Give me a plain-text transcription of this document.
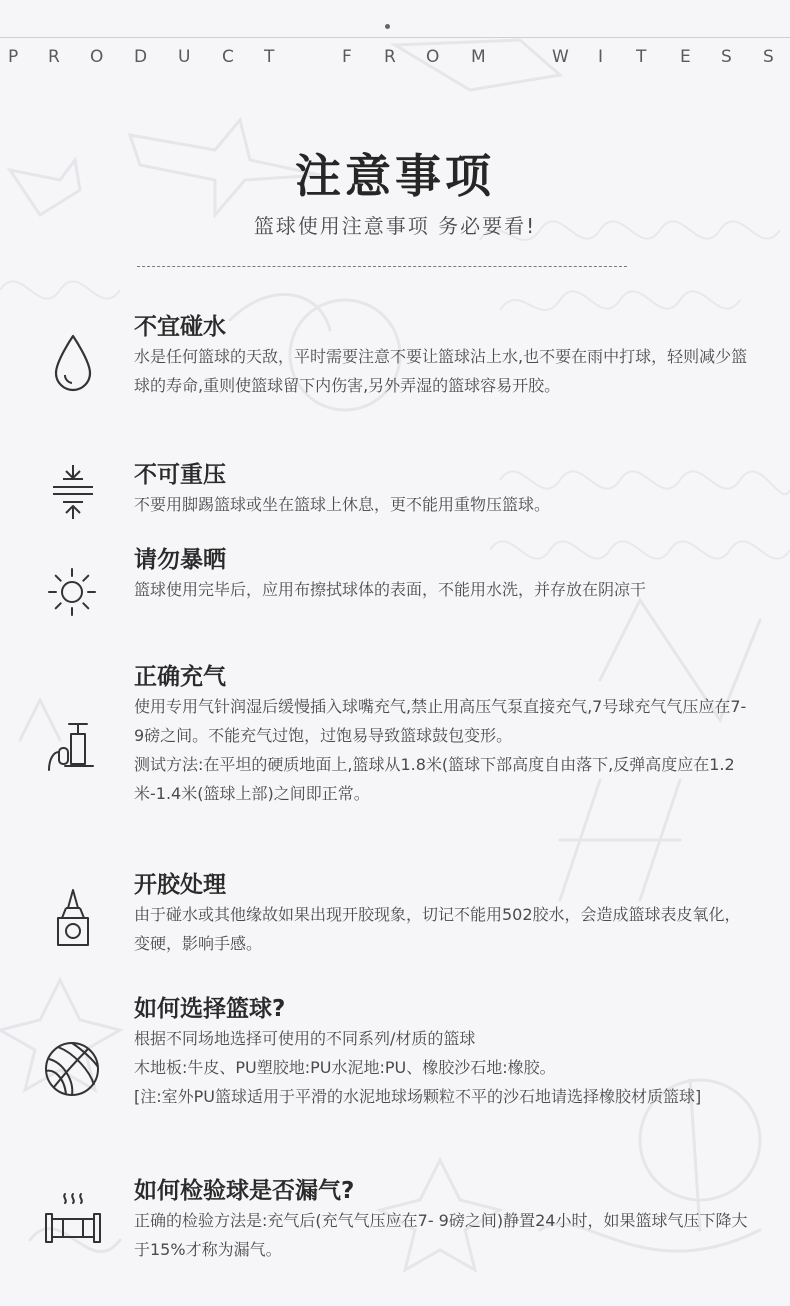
P R O D U C T	F R O M	W I T E S S
注意事项
篮球使用注意事项 务必要看!
不宜碰水

水是任何篮球的天敌，平时需要注意不要让篮球沾上水,也不要在雨中打球，轻则减少篮球的寿命,重则使篮球留下内伤害,另外弄湿的篮球容易开胶。

不可重压

不要用脚踢篮球或坐在篮球上休息，更不能用重物压篮球。

请勿暴晒

篮球使用完毕后，应用布擦拭球体的表面，不能用水洗，并存放在阴凉干

正确充气

使用专用气针润湿后缓慢插入球嘴充气,禁止用高压气泵直接充气,7号球充气气压应在7- 9磅之间。不能充气过饱，过饱易导致篮球鼓包变形。

测试方法:在平坦的硬质地面上,篮球从1.8米(篮球下部高度自由落下,反弹高度应在1.2米-1.4米(篮球上部)之间即正常。

开胶处理

由于碰水或其他缘故如果出现开胶现象，切记不能用502胶水，会造成篮球表皮氧化，变硬，影响手感。

如何选择篮球?

根据不同场地选择可使用的不同系列/材质的篮球

木地板:牛皮、PU塑胶地:PU水泥地:PU、橡胶沙石地:橡胶。

[注:室外PU篮球适用于平滑的水泥地球场颗粒不平的沙石地请选择橡胶材质篮球]

如何检验球是否漏气?

正确的检验方法是:充气后(充气气压应在7- 9磅之间)静置24小时，如果篮球气压下降大于15%才称为漏气。
